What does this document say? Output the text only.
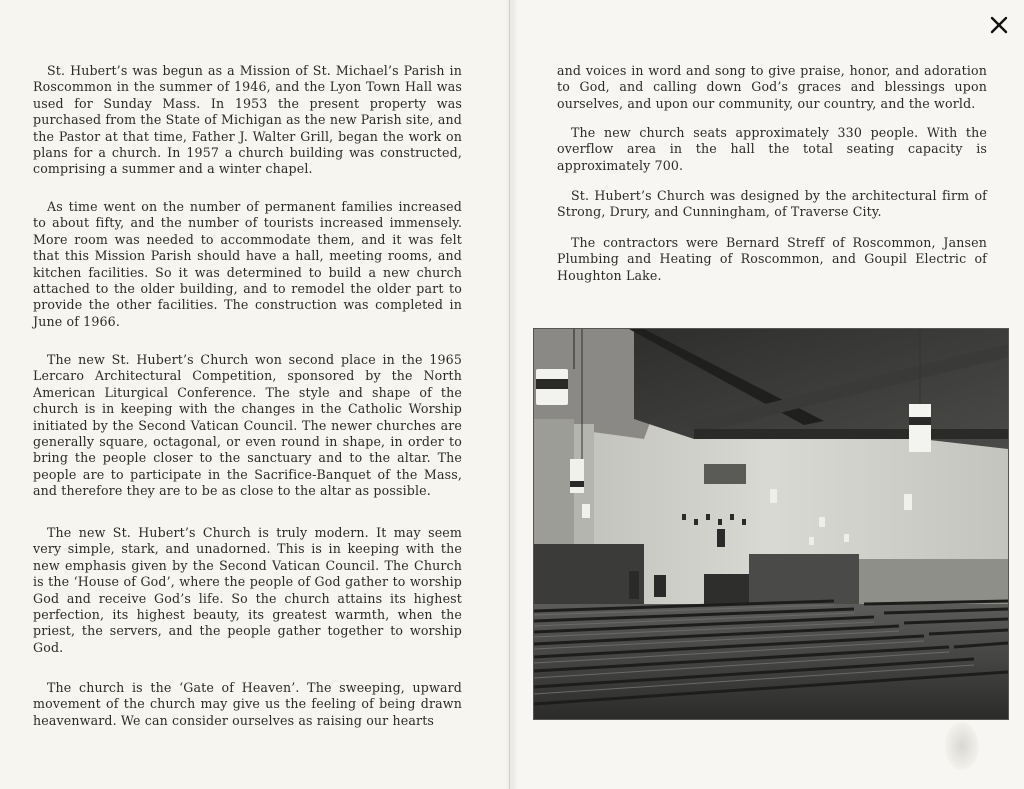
St. Hubert’s was begun as a Mission of St. Michael’s Parish in Roscommon in the summer of 1946, and the Lyon Town Hall was used for Sunday Mass. In 1953 the present property was purchased from the State of Michigan as the new Parish site, and the Pastor at that time, Father J. Walter Grill, began the work on plans for a church. In 1957 a church building was constructed, comprising a summer and a winter chapel.

As time went on the number of permanent families increased to about fifty, and the number of tourists increased immensely. More room was needed to accommodate them, and it was felt that this Mission Parish should have a hall, meeting rooms, and kitchen facilities. So it was determined to build a new church attached to the older building, and to remodel the older part to provide the other facilities. The construction was completed in June of 1966.

The new St. Hubert’s Church won second place in the 1965 Lercaro Architectural Competition, sponsored by the North American Liturgical Conference. The style and shape of the church is in keeping with the changes in the Catholic Worship initiated by the Second Vatican Council. The newer churches are generally square, octagonal, or even round in shape, in order to bring the people closer to the sanctuary and to the altar. The people are to participate in the Sacrifice-Banquet of the Mass, and therefore they are to be as close to the altar as possible.

The new St. Hubert’s Church is truly modern. It may seem very simple, stark, and unadorned. This is in keeping with the new emphasis given by the Second Vatican Council. The Church is the ‘House of God’, where the people of God gather to worship God and receive God’s life. So the church attains its highest perfection, its highest beauty, its greatest warmth, when the priest, the servers, and the people gather together to worship God.

The church is the ‘Gate of Heaven’. The sweeping, upward movement of the church may give us the feeling of being drawn heavenward. We can consider ourselves as raising our hearts

and voices in word and song to give praise, honor, and adoration to God, and calling down God’s graces and blessings upon ourselves, and upon our community, our country, and the world.

The new church seats approximately 330 people. With the overflow area in the hall the total seating capacity is approximately 700.

St. Hubert’s Church was designed by the architectural firm of Strong, Drury, and Cunningham, of Traverse City.

The contractors were Bernard Streff of Roscommon, Jansen Plumbing and Heating of Roscommon, and Goupil Electric of Houghton Lake.
